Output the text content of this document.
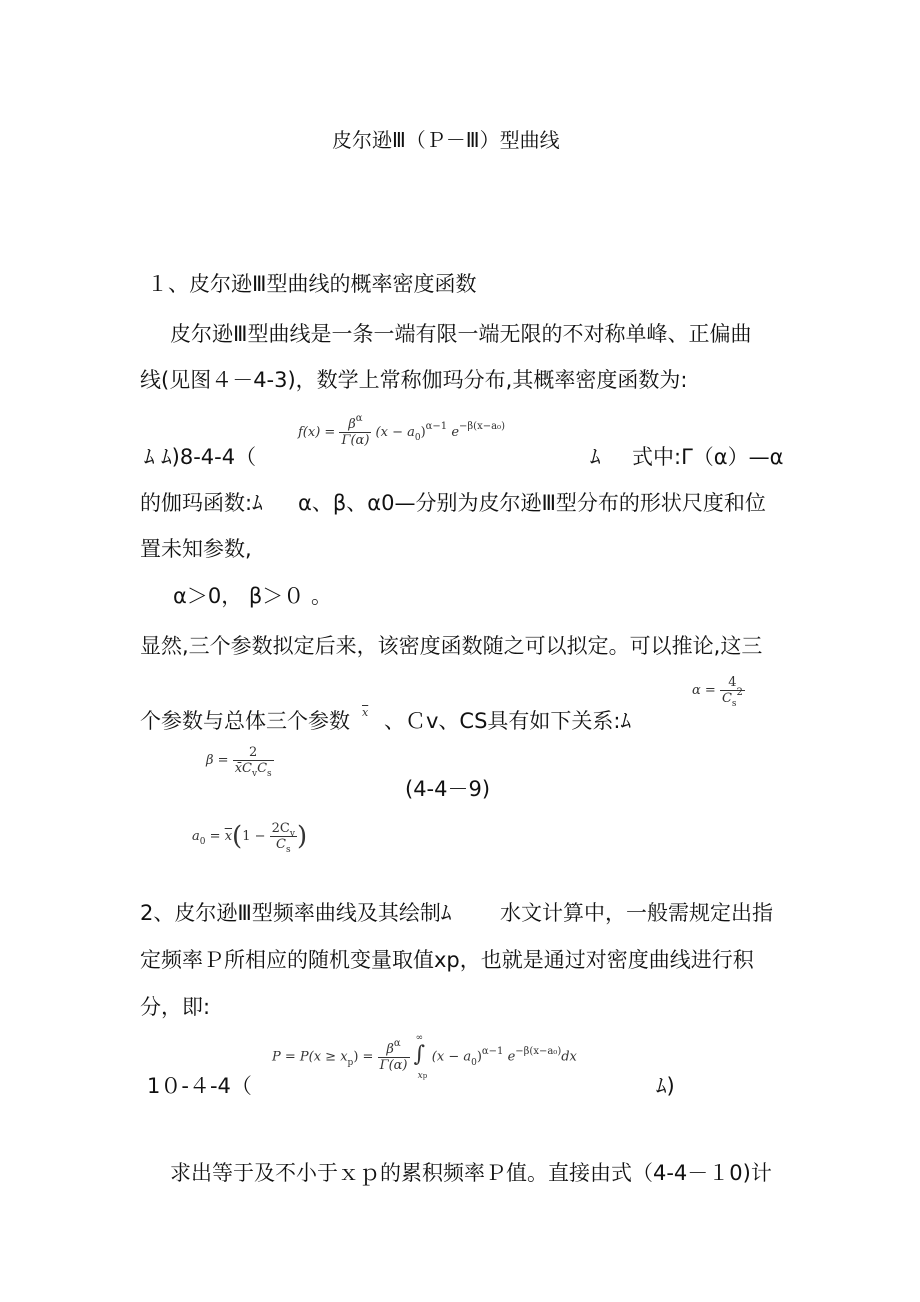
皮尔逊Ⅲ（Ｐ－Ⅲ）型曲线

１、皮尔逊Ⅲ型曲线的概率密度函数

皮尔逊Ⅲ型曲线是一条一端有限一端无限的不对称单峰、正偏曲

线(见图４－4-3)，数学上常称伽玛分布,其概率密度函数为:

$f(x) = \frac{\beta^\alpha}{\Gamma(\alpha)} (x - a_0)^{\alpha-1}$ $e^{-\beta(x-a_0)}$

ﾑ ﾑ)8-4-4（	ﾑ 式中:Γ（α）—α

的伽玛函数:ﾑ α、β、α0—分别为皮尔逊Ⅲ型分布的形状尺度和位

置未知参数,

α＞0， β＞０ 。

显然,三个参数拟定后来，该密度函数随之可以拟定。可以推论,这三

个参数与总体三个参数 $\overline{x}$ 、Ｃv、CS具有如下关系:ﾑ

$\alpha = \frac{4}{C_s^2}$
$\beta = \frac{2}{x̄C_vC_s}$

(4-4－9)

$a_0 = \overline{x}(1 - \frac{2C_v}{C_s}$ )

2、皮尔逊Ⅲ型频率曲线及其绘制ﾑ 水文计算中，一般需规定出指

定频率Ｐ所相应的随机变量取值xp，也就是通过对密度曲线进行积

分，即:

$P = P(x \ge x_p) = \frac{\beta^\alpha}{\Gamma(\alpha)}$

∞
∫
xp
$(x - a_0)^{\alpha-1}$ $e^{-\beta(x-a_0)}dx$

1０-４-4（	ﾑ)

求出等于及不小于ｘｐ的累积频率Ｐ值。直接由式（4-4－１0)计
